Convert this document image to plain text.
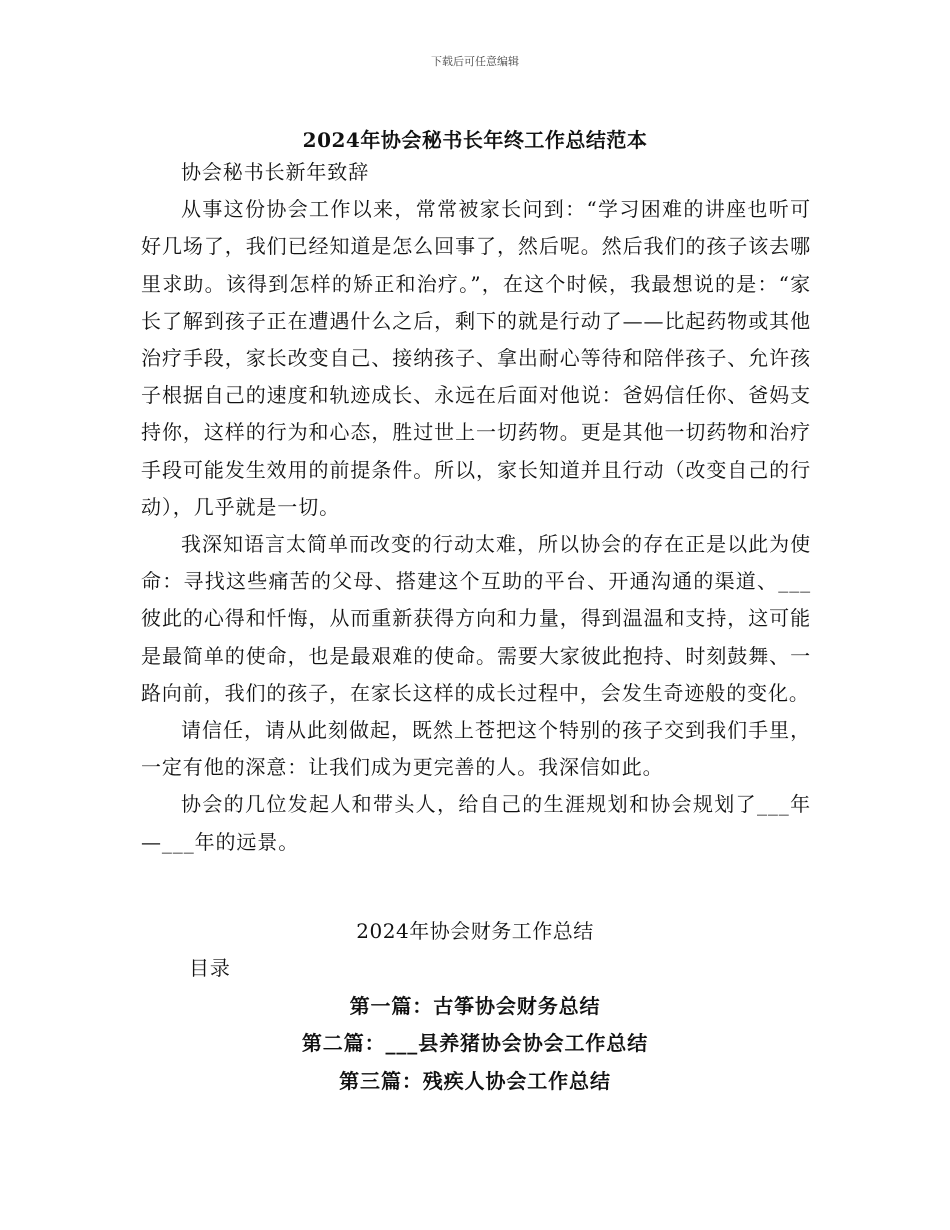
下载后可任意编辑
2024年协会秘书长年终工作总结范本

协会秘书长新年致辞

从事这份协会工作以来，常常被家长问到：“学习困难的讲座也听可好几场了，我们已经知道是怎么回事了，然后呢。然后我们的孩子该去哪里求助。该得到怎样的矫正和治疗。”，在这个时候，我最想说的是：“家长了解到孩子正在遭遇什么之后，剩下的就是行动了——比起药物或其他治疗手段，家长改变自己、接纳孩子、拿出耐心等待和陪伴孩子、允许孩子根据自己的速度和轨迹成长、永远在后面对他说：爸妈信任你、爸妈支持你，这样的行为和心态，胜过世上一切药物。更是其他一切药物和治疗手段可能发生效用的前提条件。所以，家长知道并且行动（改变自己的行动），几乎就是一切。

我深知语言太简单而改变的行动太难，所以协会的存在正是以此为使命：寻找这些痛苦的父母、搭建这个互助的平台、开通沟通的渠道、___彼此的心得和忏悔，从而重新获得方向和力量，得到温温和支持，这可能是最简单的使命，也是最艰难的使命。需要大家彼此抱持、时刻鼓舞、一路向前，我们的孩子，在家长这样的成长过程中，会发生奇迹般的变化。

请信任，请从此刻做起，既然上苍把这个特别的孩子交到我们手里，一定有他的深意：让我们成为更完善的人。我深信如此。

协会的几位发起人和带头人，给自己的生涯规划和协会规划了___年—___年的远景。

2024年协会财务工作总结
目录
第一篇：古筝协会财务总结
第二篇：___县养猪协会协会工作总结
第三篇：残疾人协会工作总结
